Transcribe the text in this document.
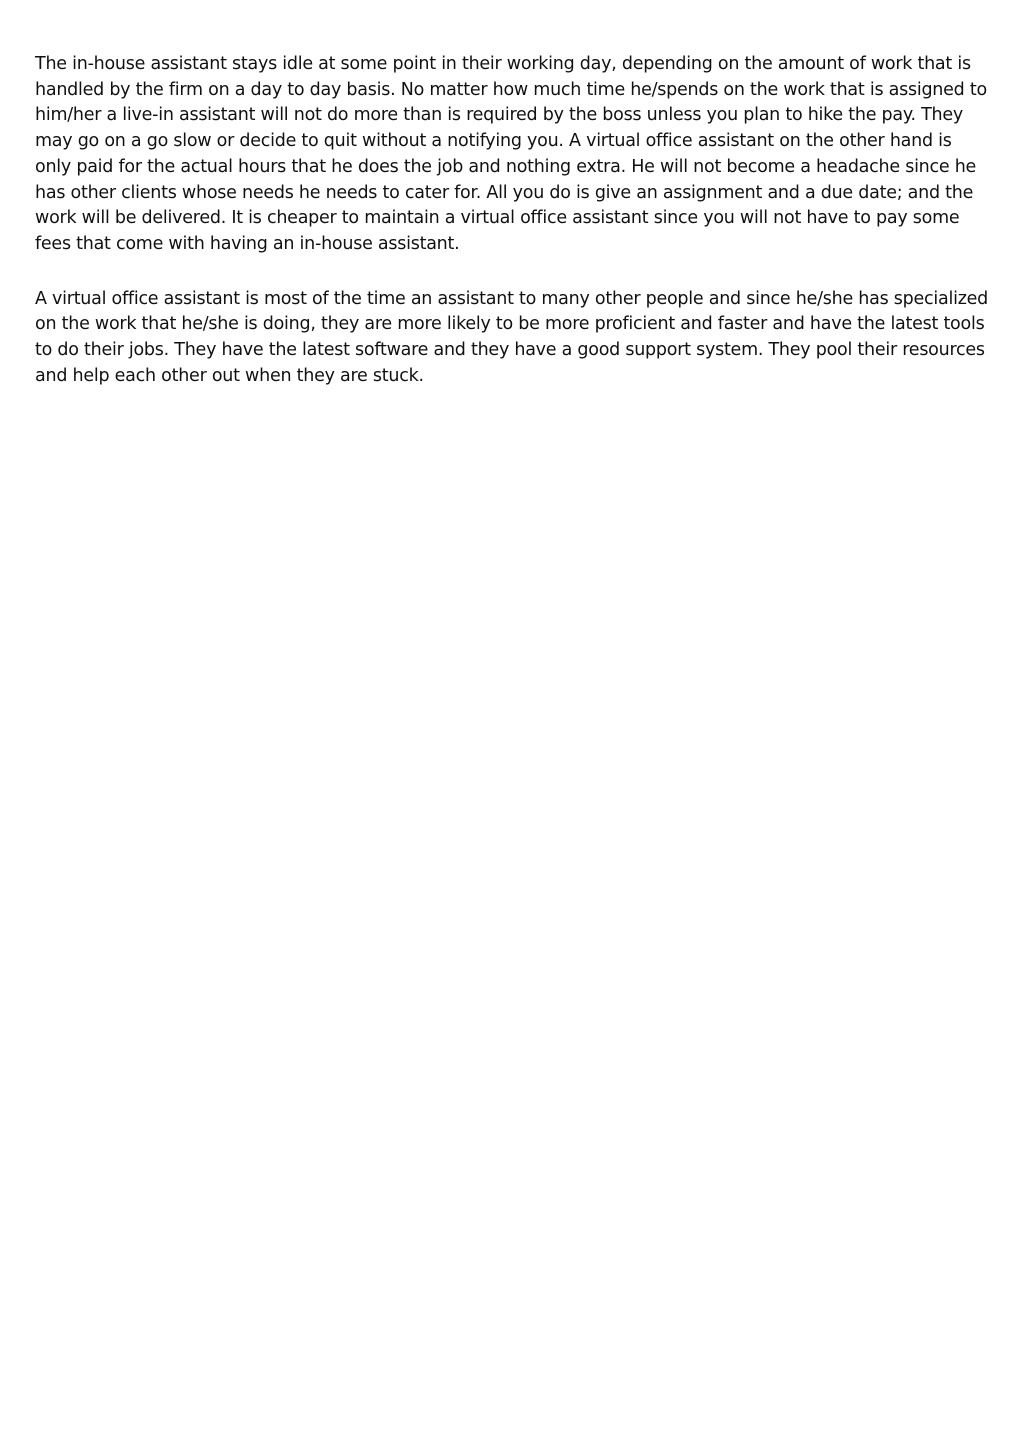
The in-house assistant stays idle at some point in their working day, depending on the amount of work that is handled by the firm on a day to day basis. No matter how much time he/spends on the work that is assigned to him/her a live-in assistant will not do more than is required by the boss unless you plan to hike the pay. They may go on a go slow or decide to quit without a notifying you. A virtual office assistant on the other hand is only paid for the actual hours that he does the job and nothing extra. He will not become a headache since he has other clients whose needs he needs to cater for. All you do is give an assignment and a due date; and the work will be delivered. It is cheaper to maintain a virtual office assistant since you will not have to pay some fees that come with having an in-house assistant.

A virtual office assistant is most of the time an assistant to many other people and since he/she has specialized on the work that he/she is doing, they are more likely to be more proficient and faster and have the latest tools to do their jobs. They have the latest software and they have a good support system. They pool their resources and help each other out when they are stuck.
